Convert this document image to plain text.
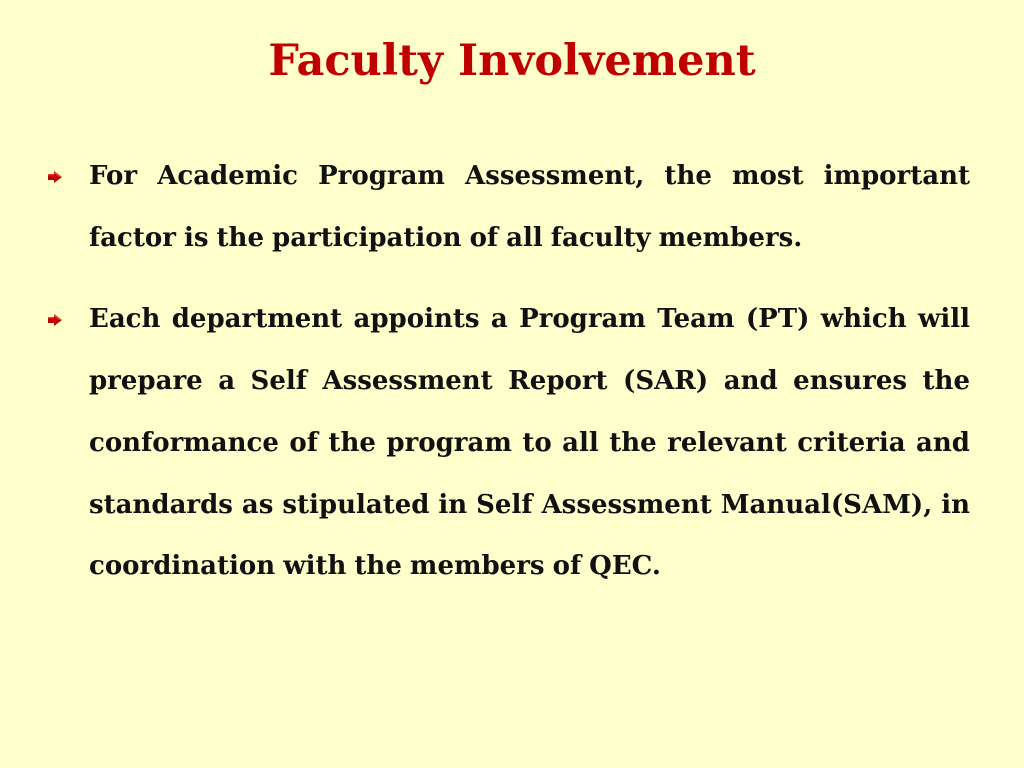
Faculty Involvement
For Academic Program Assessment, the most important factor is the participation of all faculty members.
Each department appoints a Program Team (PT) which will prepare a Self Assessment Report (SAR) and ensures the conformance of the program to all the relevant criteria and standards as stipulated in Self Assessment Manual(SAM), in coordination with the members of QEC.
